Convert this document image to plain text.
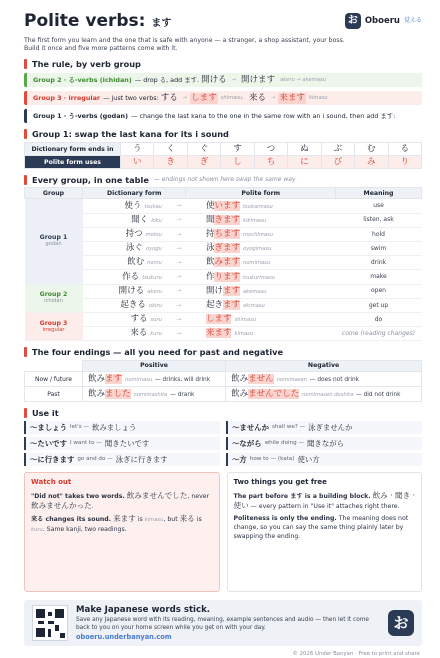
Polite verbs: ます	お Oboeru 覚える
The first form you learn and the one that is safe with anyone — a stranger, a shop assistant, your boss.
Build it once and five more patterns come with it.
The rule, by verb group
Group 2 · る-verbs (ichidan) — drop る, add ます. 開ける → 開けます akeru → akemasu
Group 3 · irregular — just two verbs: する → します shimasu, 来る → 来ます kimasu
Group 1 · う-verbs (godan) — change the last kana to the one in the same row with an i sound, then add ます:
Group 1: swap the last kana for its i sound
Dictionary form ends in	う	く	ぐ	す	つ	ぬ	ぶ	む	る
Polite form uses	い	き	ぎ	し	ち	に	び	み	り
Every group, in one table — endings not shown here swap the same way
Group	Dictionary form		Polite form	Meaning
Group 1
godan	使う tsukau	→	使います tsukaimasu	use
	聞く kiku	→	聞きます kikimasu	listen, ask
	持つ motsu	→	持ちます mochimasu	hold
	泳ぐ oyogu	→	泳ぎます oyogimasu	swim
	飲む nomu	→	飲みます nomimasu	drink
	作る tsukuru	→	作ります tsukurimasu	make
Group 2
ichidan	開ける akeru	→	開けます akemasu	open
	起きる okiru	→	起きます okimasu	get up
Group 3
irregular	する suru	→	します shimasu	do
	来る kuru	→	来ます kimasu	come (reading changes)
The four endings — all you need for past and negative
	Positive	Negative
Now / future	飲みます nomimasu — drinks, will drink	飲みません nomimasen — does not drink
Past	飲みました nomimashita — drank	飲みませんでした nomimasen deshita — did not drink
Use it
〜ましょう let's — 飲みましょう	〜ませんか shall we? — 泳ぎませんか
〜たいです I want to — 聞きたいです	〜ながら while doing — 聞きながら
〜に行きます go and do — 泳ぎに行きます	〜方 how to — (kata) 使い方
Watch out

"Did not" takes two words. 飲みませんでした, never 飲みませんかった.

来る changes its sound. 来ます is kimasu, but 来る is kuru. Same kanji, two readings.

Two things you get free

The part before ます is a building block. 飲み · 聞き · 使い — every pattern in "Use it" attaches right there.

Politeness is only the ending. The meaning does not change, so you can say the same thing plainly later by swapping the ending.

Make Japanese words stick.
Save any Japanese word with its reading, meaning, example sentences and audio — then let it come back to you on your home screen while you get on with your day.
oboeru.underbanyan.com
お
© 2026 Under Banyan · Free to print and share
